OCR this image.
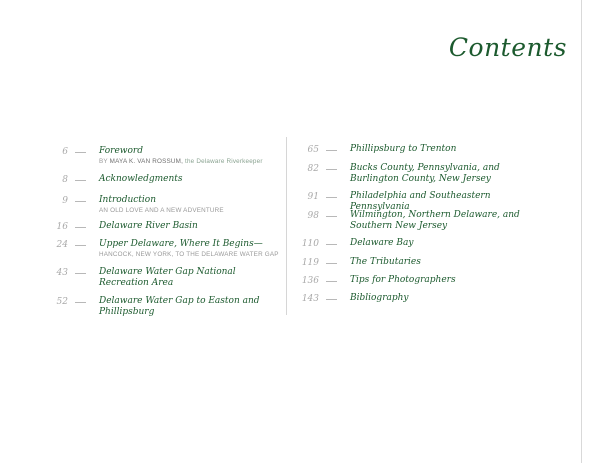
Contents
6	Foreword
BY MAYA K. VAN ROSSUM, the Delaware Riverkeeper
8	Acknowledgments
9	Introduction
AN OLD LOVE AND A NEW ADVENTURE
16	Delaware River Basin
24	Upper Delaware, Where It Begins—
HANCOCK, NEW YORK, TO THE DELAWARE WATER GAP
43	Delaware Water Gap National
Recreation Area
52	Delaware Water Gap to Easton and
Phillipsburg
65	Phillipsburg to Trenton
82	Bucks County, Pennsylvania, and
Burlington County, New Jersey
91	Philadelphia and Southeastern Pennsylvania
98	Wilmington, Northern Delaware, and
Southern New Jersey
110	Delaware Bay
119	The Tributaries
136	Tips for Photographers
143	Bibliography
